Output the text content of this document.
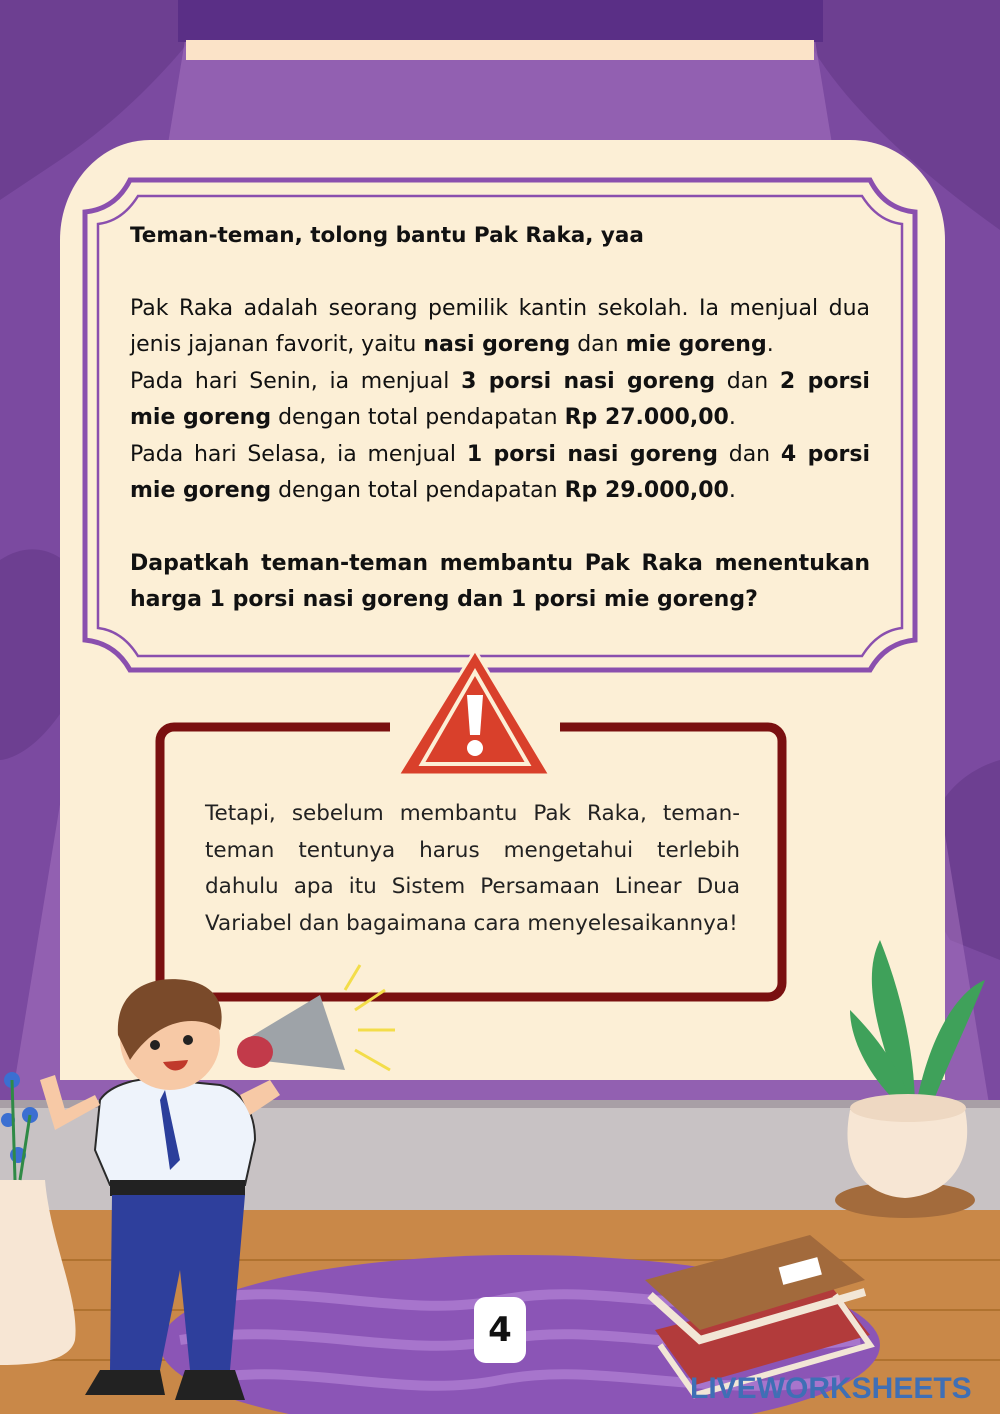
Teman-teman, tolong bantu Pak Raka, yaa

Pak Raka adalah seorang pemilik kantin sekolah. Ia menjual dua jenis jajanan favorit, yaitu nasi goreng dan mie goreng.

Pada hari Senin, ia menjual 3 porsi nasi goreng dan 2 porsi mie goreng dengan total pendapatan Rp 27.000,00.

Pada hari Selasa, ia menjual 1 porsi nasi goreng dan 4 porsi mie goreng dengan total pendapatan Rp 29.000,00.

Dapatkah teman-teman membantu Pak Raka menentukan harga 1 porsi nasi goreng dan 1 porsi mie goreng?

Tetapi, sebelum membantu Pak Raka, teman-teman tentunya harus mengetahui terlebih dahulu apa itu Sistem Persamaan Linear Dua Variabel dan bagaimana cara menyelesaikannya!

4
LIVEWORKSHEETS
